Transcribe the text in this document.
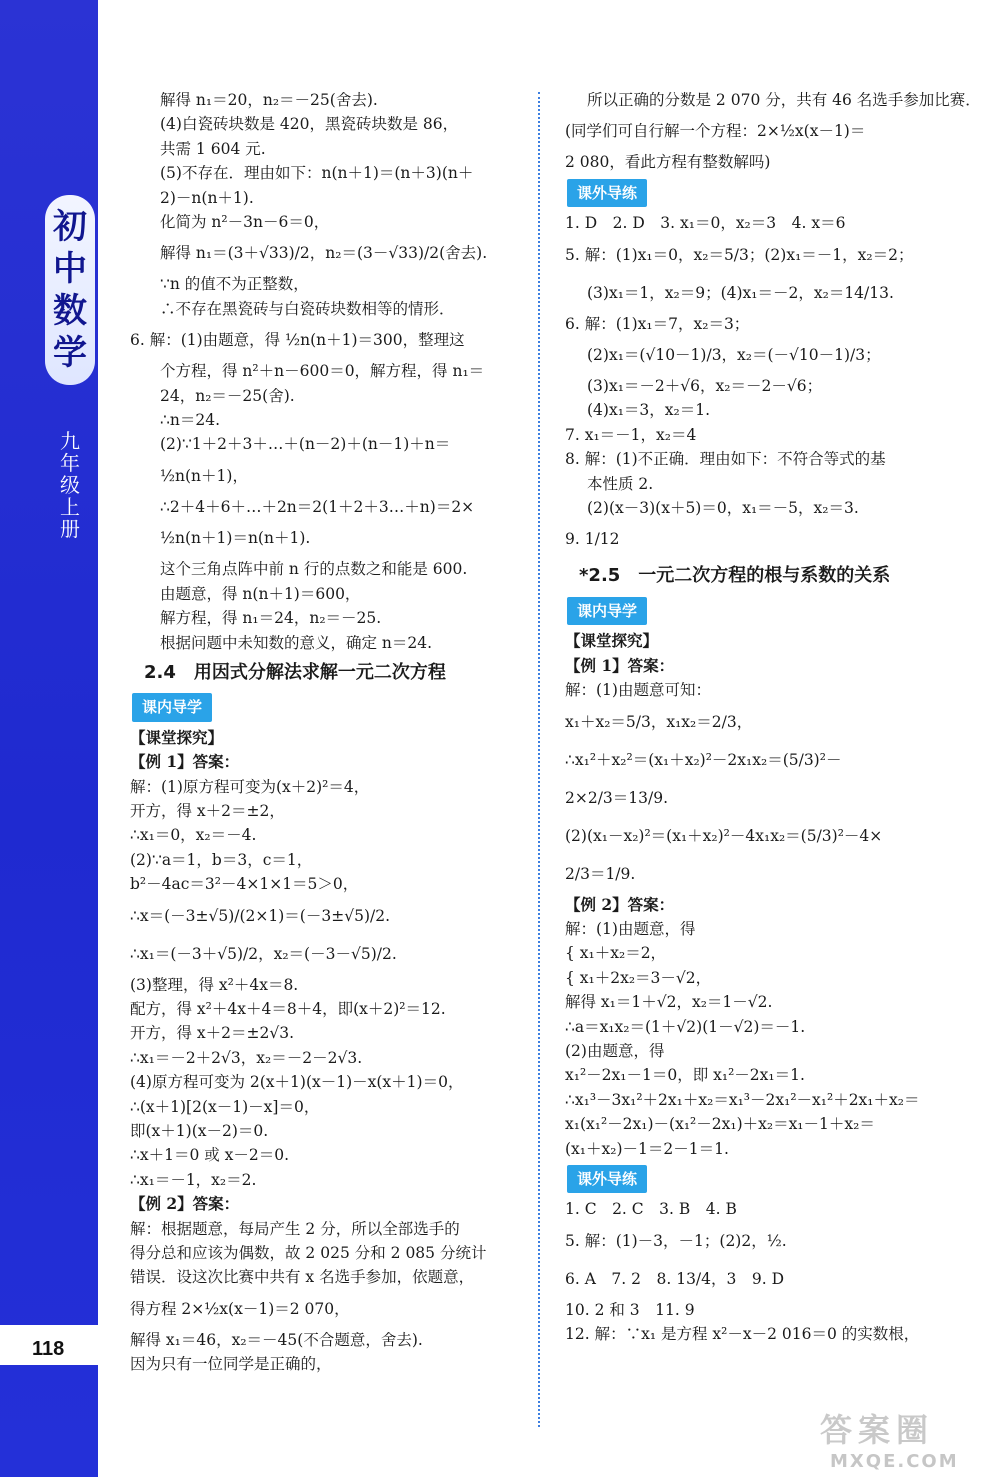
初
中
数
学
九年级上册
118
解得 n₁＝20，n₂＝－25(舍去).
(4)白瓷砖块数是 420，黑瓷砖块数是 86，
共需 1 604 元.
(5)不存在．理由如下：n(n＋1)＝(n＋3)(n＋
2)－n(n＋1).
化简为 n²－3n－6＝0，
解得 n₁＝(3＋√33)/2，n₂＝(3－√33)/2(舍去).
∵n 的值不为正整数，
∴不存在黑瓷砖与白瓷砖块数相等的情形．
6. 解：(1)由题意，得 ½n(n＋1)＝300，整理这
个方程，得 n²＋n－600＝0，解方程，得 n₁＝
24，n₂＝－25(舍).
∴n＝24.
(2)∵1＋2＋3＋…＋(n－2)＋(n－1)＋n＝
½n(n＋1)，
∴2＋4＋6＋…＋2n＝2(1＋2＋3…＋n)＝2×
½n(n＋1)＝n(n＋1).
这个三角点阵中前 n 行的点数之和能是 600.
由题意，得 n(n＋1)＝600，
解方程，得 n₁＝24，n₂＝－25.
根据问题中未知数的意义，确定 n＝24.
2.4　用因式分解法求解一元二次方程
课内导学
【课堂探究】
【例 1】答案：
解：(1)原方程可变为(x＋2)²＝4，
开方，得 x＋2＝±2，
∴x₁＝0，x₂＝－4.
(2)∵a＝1，b＝3，c＝1，
b²－4ac＝3²－4×1×1＝5＞0，
∴x＝(－3±√5)/(2×1)＝(－3±√5)/2.
∴x₁＝(－3＋√5)/2，x₂＝(－3－√5)/2.
(3)整理，得 x²＋4x＝8.
配方，得 x²＋4x＋4＝8＋4，即(x＋2)²＝12.
开方，得 x＋2＝±2√3.
∴x₁＝－2＋2√3，x₂＝－2－2√3.
(4)原方程可变为 2(x＋1)(x－1)－x(x＋1)＝0，
∴(x＋1)[2(x－1)－x]＝0，
即(x＋1)(x－2)＝0.
∴x＋1＝0 或 x－2＝0.
∴x₁＝－1，x₂＝2.
【例 2】答案：
解：根据题意，每局产生 2 分，所以全部选手的
得分总和应该为偶数，故 2 025 分和 2 085 分统计
错误．设这次比赛中共有 x 名选手参加，依题意，
得方程 2×½x(x－1)＝2 070，
解得 x₁＝46，x₂＝－45(不合题意，舍去).
因为只有一位同学是正确的，
所以正确的分数是 2 070 分，共有 46 名选手参加比赛．
(同学们可自行解一个方程：2×½x(x－1)＝
2 080，看此方程有整数解吗)
课外导练
1. D　2. D　3. x₁＝0，x₂＝3　4. x＝6
5. 解：(1)x₁＝0，x₂＝5/3；(2)x₁＝－1，x₂＝2；
(3)x₁＝1，x₂＝9；(4)x₁＝－2，x₂＝14/13.
6. 解：(1)x₁＝7，x₂＝3；
(2)x₁＝(√10－1)/3，x₂＝(－√10－1)/3；
(3)x₁＝－2＋√6，x₂＝－2－√6；
(4)x₁＝3，x₂＝1.
7. x₁＝－1，x₂＝4
8. 解：(1)不正确．理由如下：不符合等式的基
本性质 2.
(2)(x－3)(x＋5)＝0，x₁＝－5，x₂＝3.
9. 1/12
*2.5　一元二次方程的根与系数的关系
课内导学
【课堂探究】
【例 1】答案：
解：(1)由题意可知：
x₁＋x₂＝5/3，x₁x₂＝2/3，
∴x₁²＋x₂²＝(x₁＋x₂)²－2x₁x₂＝(5/3)²－
2×2/3＝13/9.
(2)(x₁－x₂)²＝(x₁＋x₂)²－4x₁x₂＝(5/3)²－4×
2/3＝1/9.
【例 2】答案：
解：(1)由题意，得
{ x₁＋x₂＝2，
{ x₁＋2x₂＝3－√2，
解得 x₁＝1＋√2，x₂＝1－√2.
∴a＝x₁x₂＝(1＋√2)(1－√2)＝－1.
(2)由题意，得
x₁²－2x₁－1＝0，即 x₁²－2x₁＝1.
∴x₁³－3x₁²＋2x₁＋x₂＝x₁³－2x₁²－x₁²＋2x₁＋x₂＝
x₁(x₁²－2x₁)－(x₁²－2x₁)＋x₂＝x₁－1＋x₂＝
(x₁＋x₂)－1＝2－1＝1.
课外导练
1. C　2. C　3. B　4. B
5. 解：(1)－3，－1；(2)2，½.
6. A　7. 2　8. 13/4，3　9. D
10. 2 和 3　11. 9
12. 解：∵x₁ 是方程 x²－x－2 016＝0 的实数根，
答案圈
MXQE.COM
